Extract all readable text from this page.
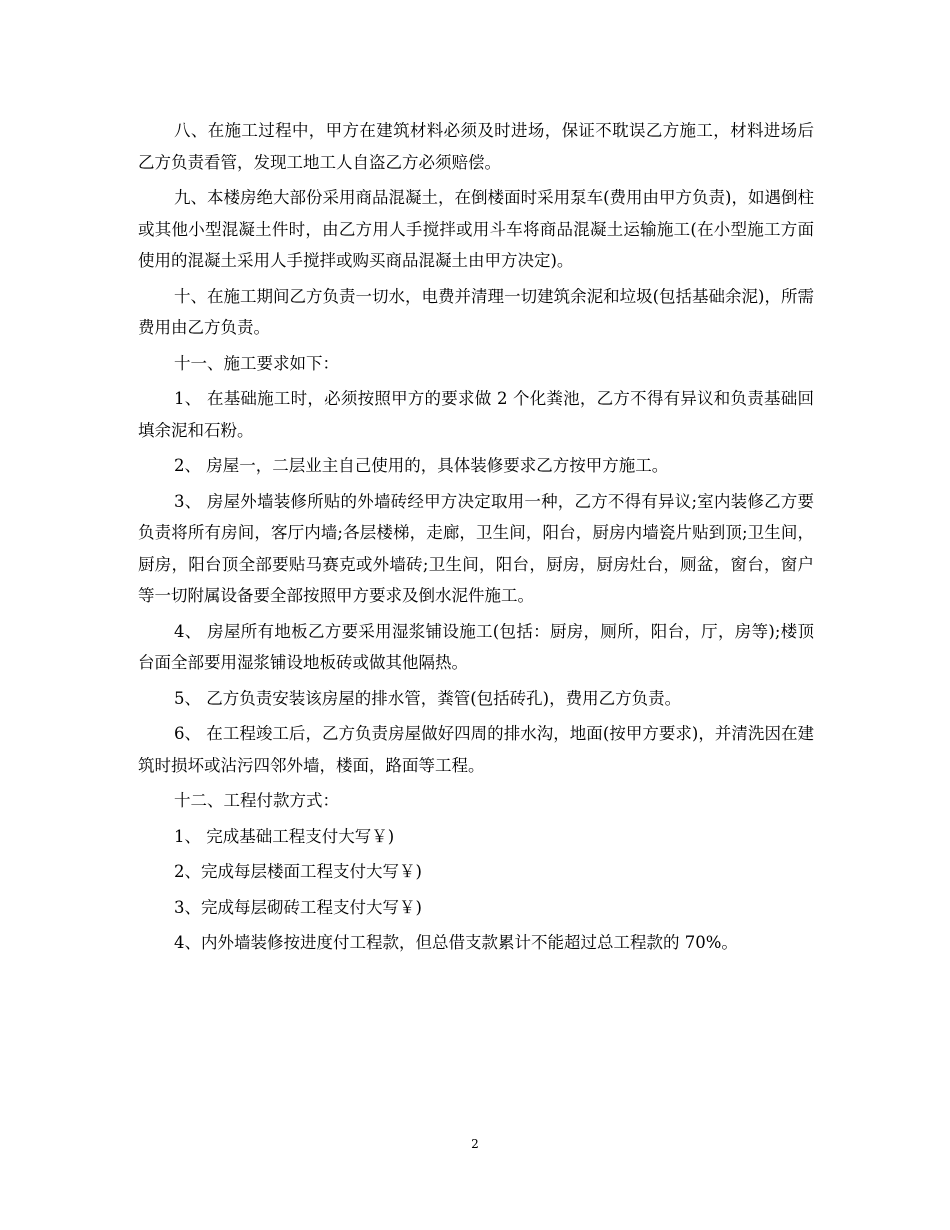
八、在施工过程中，甲方在建筑材料必须及时进场，保证不耽误乙方施工，材料进场后乙方负责看管，发现工地工人自盗乙方必须赔偿。

九、本楼房绝大部份采用商品混凝土，在倒楼面时采用泵车(费用由甲方负责)，如遇倒柱或其他小型混凝土件时，由乙方用人手搅拌或用斗车将商品混凝土运输施工(在小型施工方面使用的混凝土采用人手搅拌或购买商品混凝土由甲方决定)。

十、在施工期间乙方负责一切水，电费并清理一切建筑余泥和垃圾(包括基础余泥)，所需费用由乙方负责。

十一、施工要求如下：

1、 在基础施工时，必须按照甲方的要求做 2 个化粪池，乙方不得有异议和负责基础回填余泥和石粉。

2、 房屋一，二层业主自己使用的，具体装修要求乙方按甲方施工。

3、 房屋外墙装修所贴的外墙砖经甲方决定取用一种，乙方不得有异议;室内装修乙方要负责将所有房间，客厅内墙;各层楼梯，走廊，卫生间，阳台，厨房内墙瓷片贴到顶;卫生间，厨房，阳台顶全部要贴马赛克或外墙砖;卫生间，阳台，厨房，厨房灶台，厕盆，窗台，窗户等一切附属设备要全部按照甲方要求及倒水泥件施工。

4、 房屋所有地板乙方要采用湿浆铺设施工(包括：厨房，厕所，阳台，厅，房等);楼顶台面全部要用湿浆铺设地板砖或做其他隔热。

5、 乙方负责安装该房屋的排水管，粪管(包括砖孔)，费用乙方负责。

6、 在工程竣工后，乙方负责房屋做好四周的排水沟，地面(按甲方要求)，并清洗因在建筑时损坏或沾污四邻外墙，楼面，路面等工程。

十二、工程付款方式：

1、 完成基础工程支付大写￥)

2、完成每层楼面工程支付大写￥)

3、完成每层砌砖工程支付大写￥)

4、内外墙装修按进度付工程款，但总借支款累计不能超过总工程款的 70%。

2
